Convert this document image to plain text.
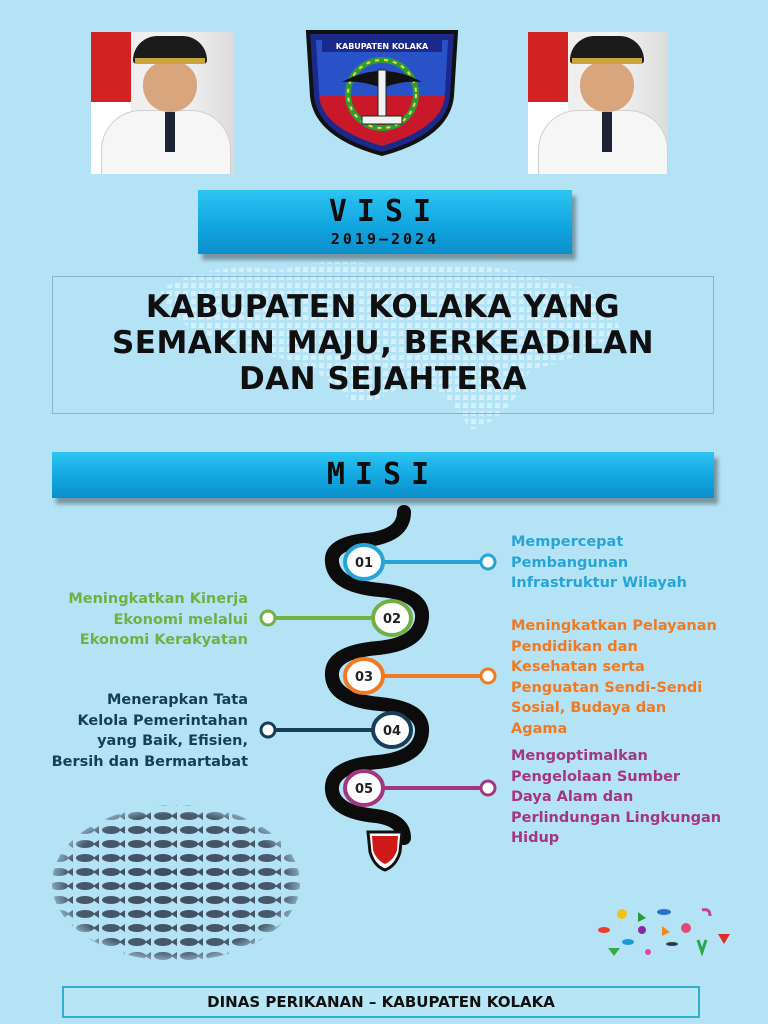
KABUPATEN KOLAKA
VISI
2019–2024
KABUPATEN KOLAKA YANG
SEMAKIN MAJU, BERKEADILAN
DAN SEJAHTERA
MISI
01
02
03
04
05
Mempercepat
Pembangunan
Infrastruktur Wilayah
Meningkatkan Kinerja
Ekonomi melalui
Ekonomi Kerakyatan
Meningkatkan Pelayanan
Pendidikan dan
Kesehatan serta
Penguatan Sendi-Sendi
Sosial, Budaya dan
Agama
Menerapkan Tata
Kelola Pemerintahan
yang Baik, Efisien,
Bersih dan Bermartabat	Mengoptimalkan
Pengelolaan Sumber
Daya Alam dan
Perlindungan Lingkungan
Hidup
DINAS PERIKANAN – KABUPATEN KOLAKA
